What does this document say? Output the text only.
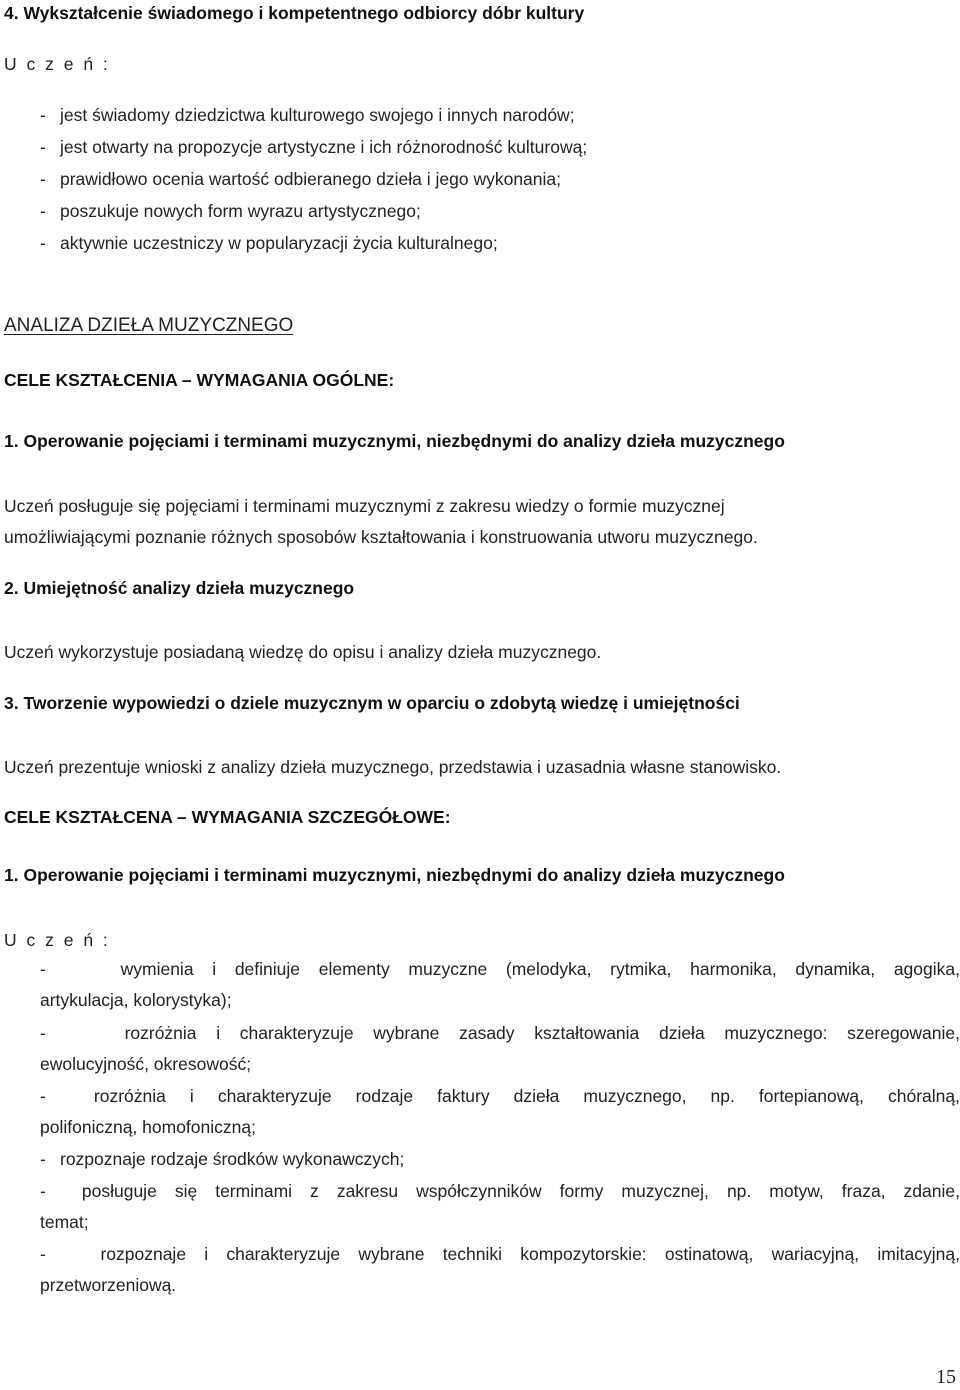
4. Wykształcenie świadomego i kompetentnego odbiorcy dóbr kultury
U c z e ń :
- jest świadomy dziedzictwa kulturowego swojego i innych narodów;
- jest otwarty na propozycje artystyczne i ich różnorodność kulturową;
- prawidłowo ocenia wartość odbieranego dzieła i jego wykonania;
- poszukuje nowych form wyrazu artystycznego;
- aktywnie uczestniczy w popularyzacji życia kulturalnego;
ANALIZA DZIEŁA MUZYCZNEGO
CELE KSZTAŁCENIA – WYMAGANIA OGÓLNE:
1. Operowanie pojęciami i terminami muzycznymi, niezbędnymi do analizy dzieła muzycznego
Uczeń posługuje się pojęciami i terminami muzycznymi z zakresu wiedzy o formie muzycznej
umożliwiającymi poznanie różnych sposobów kształtowania i konstruowania utworu muzycznego.
2. Umiejętność analizy dzieła muzycznego
Uczeń wykorzystuje posiadaną wiedzę do opisu i analizy dzieła muzycznego.
3. Tworzenie wypowiedzi o dziele muzycznym w oparciu o zdobytą wiedzę i umiejętności
Uczeń prezentuje wnioski z analizy dzieła muzycznego, przedstawia i uzasadnia własne stanowisko.
CELE KSZTAŁCENA – WYMAGANIA SZCZEGÓŁOWE:
1. Operowanie pojęciami i terminami muzycznymi, niezbędnymi do analizy dzieła muzycznego
U c z e ń :
-	wymienia i definiuje elementy muzyczne (melodyka, rytmika, harmonika, dynamika, agogika,
artykulacja, kolorystyka);
-	rozróżnia i charakteryzuje wybrane zasady kształtowania dzieła muzycznego: szeregowanie,
ewolucyjność, okresowość;
-	rozróżnia i charakteryzuje rodzaje faktury dzieła muzycznego, np. fortepianową, chóralną,
polifoniczną, homofoniczną;
- rozpoznaje rodzaje środków wykonawczych;
- posługuje się terminami z zakresu współczynników formy muzycznej, np. motyw, fraza, zdanie,
temat;
-	rozpoznaje i charakteryzuje wybrane techniki kompozytorskie: ostinatową, wariacyjną, imitacyjną,
przetworzeniową.
15
